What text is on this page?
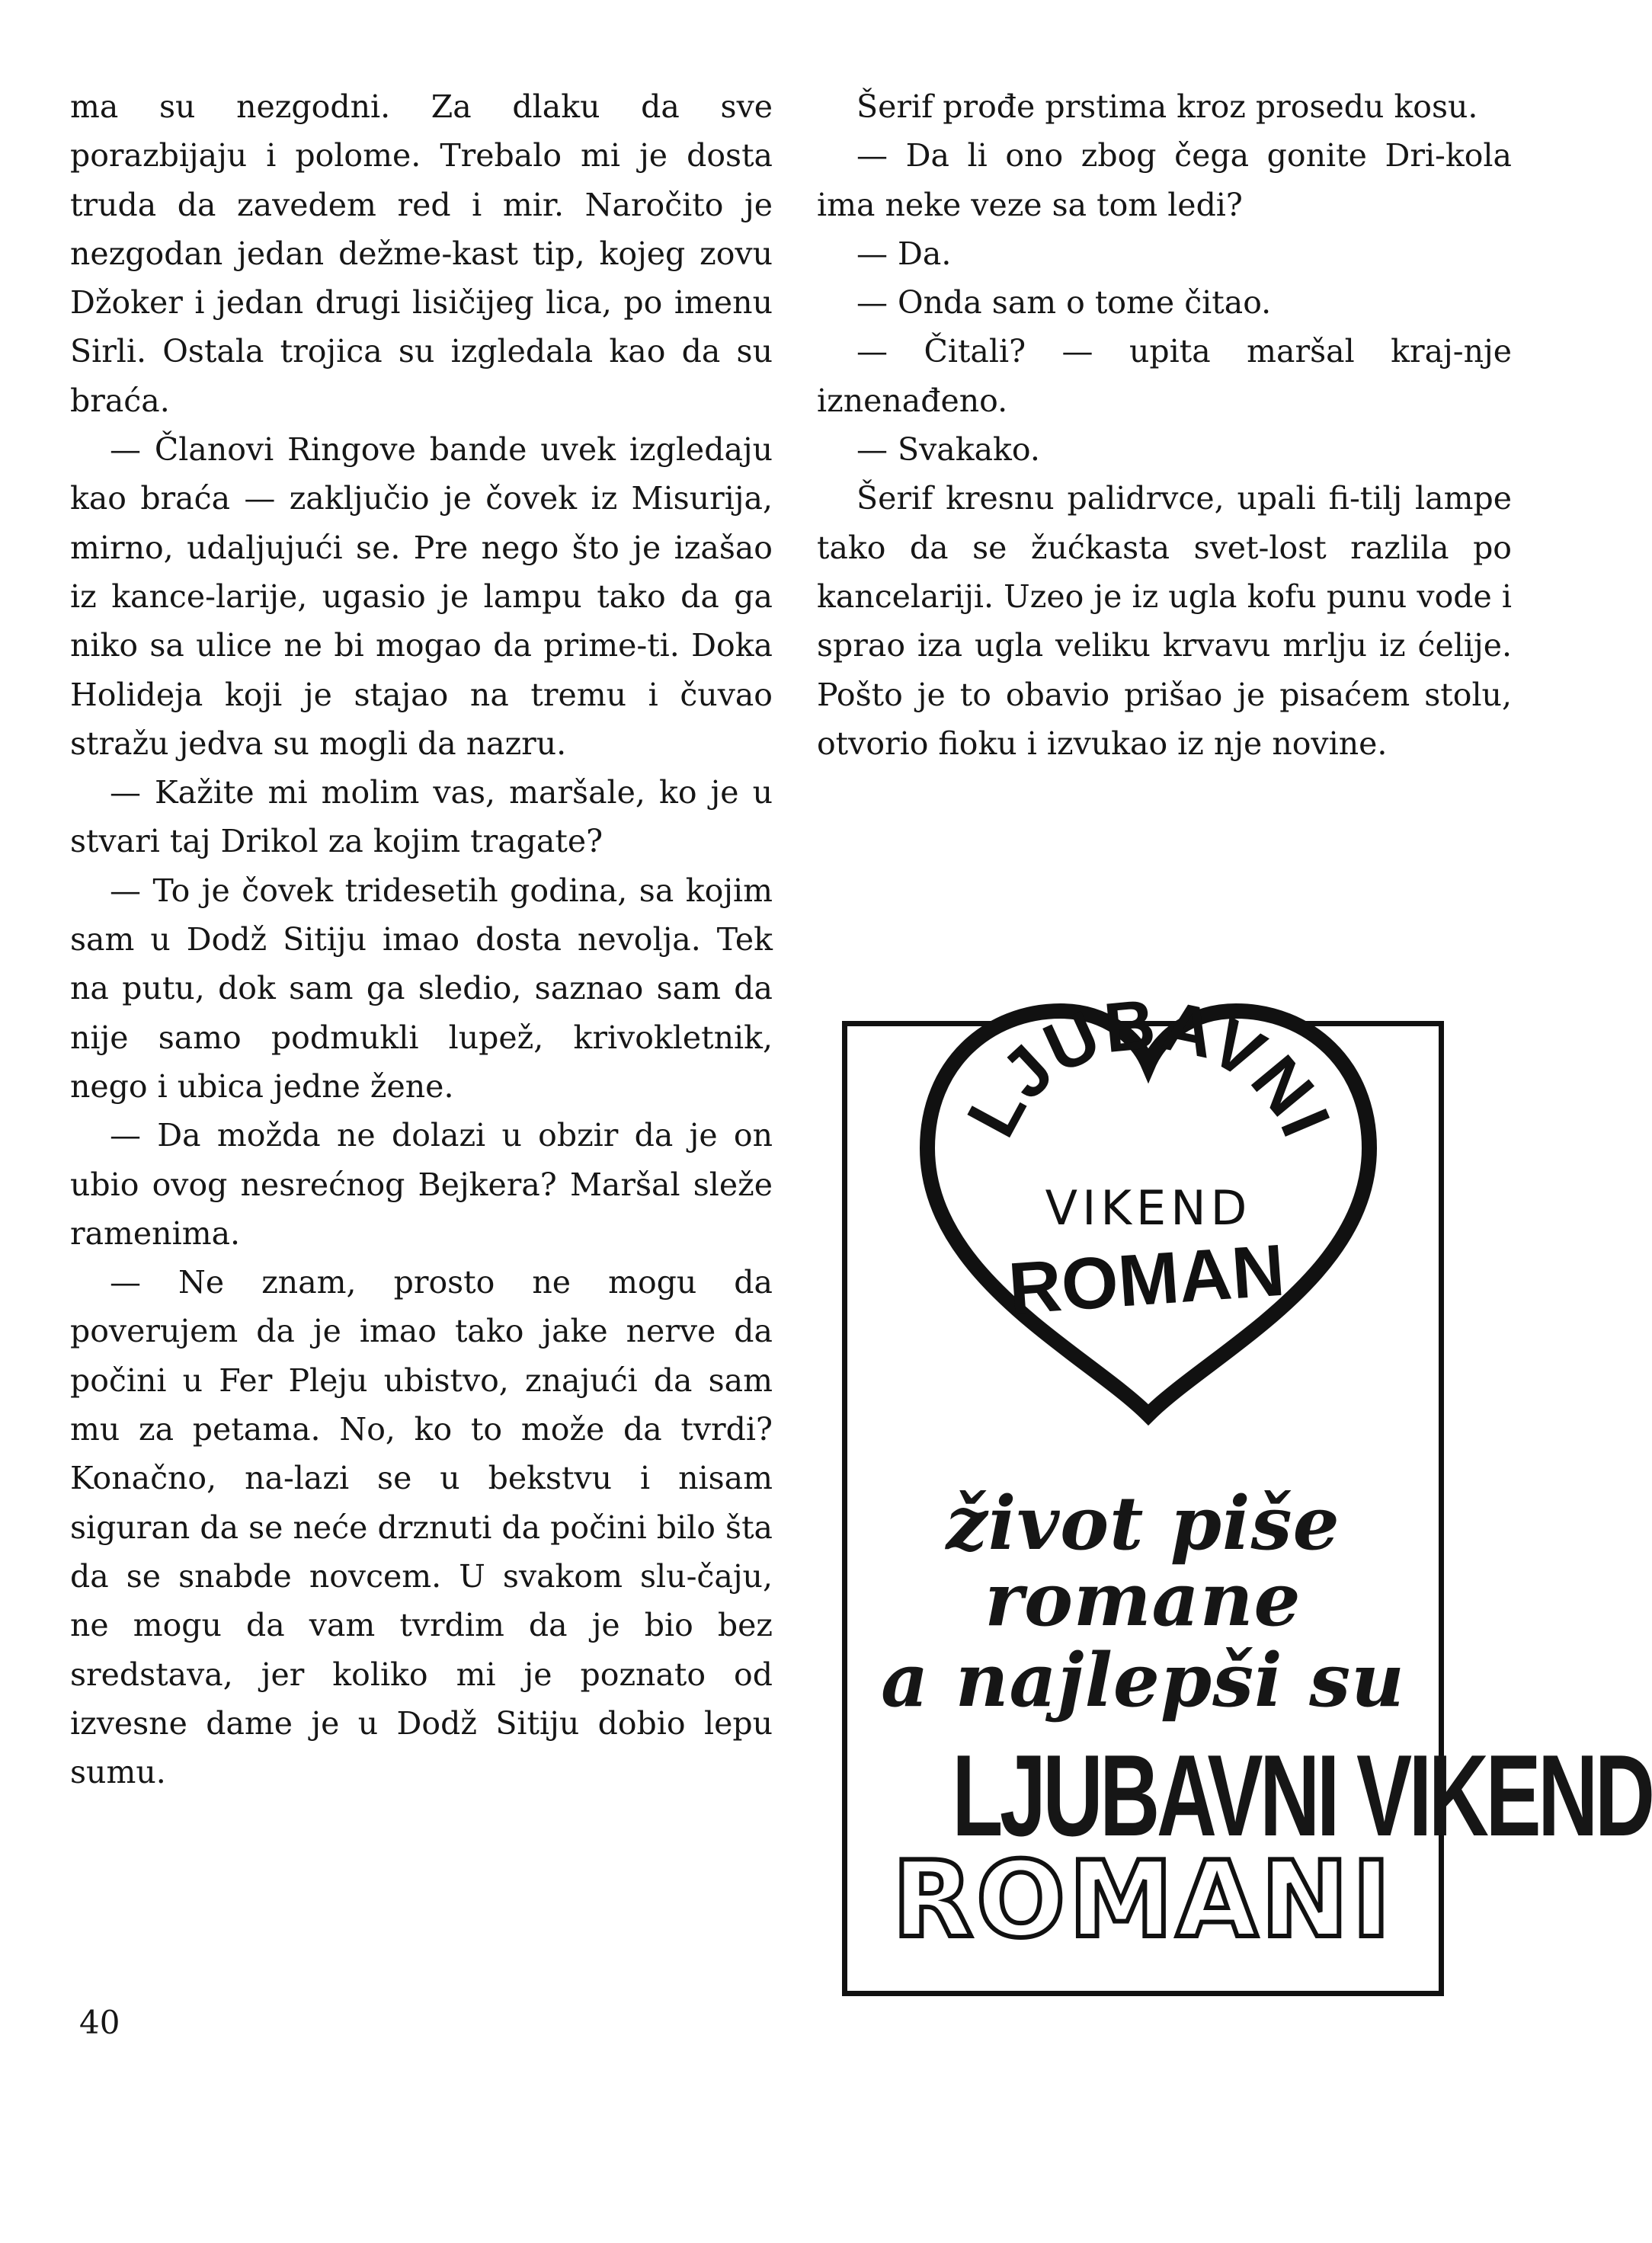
ma su nezgodni. Za dlaku da sve porazbijaju i polome. Trebalo mi je dosta truda da zavedem red i mir. Naročito je nezgodan jedan dežme-kast tip, kojeg zovu Džoker i jedan drugi lisičijeg lica, po imenu Sirli. Ostala trojica su izgledala kao da su braća.

— Članovi Ringove bande uvek izgledaju kao braća — zaključio je čovek iz Misurija, mirno, udaljujući se. Pre nego što je izašao iz kance-larije, ugasio je lampu tako da ga niko sa ulice ne bi mogao da prime-ti. Doka Holideja koji je stajao na tremu i čuvao stražu jedva su mogli da nazru.

— Kažite mi molim vas, maršale, ko je u stvari taj Drikol za kojim tragate?

— To je čovek tridesetih godina, sa kojim sam u Dodž Sitiju imao dosta nevolja. Tek na putu, dok sam ga sledio, saznao sam da nije samo podmukli lupež, krivokletnik, nego i ubica jedne žene.

— Da možda ne dolazi u obzir da je on ubio ovog nesrećnog Bejkera? Maršal sleže ramenima.

— Ne znam, prosto ne mogu da poverujem da je imao tako jake nerve da počini u Fer Pleju ubistvo, znajući da sam mu za petama. No, ko to može da tvrdi? Konačno, na-lazi se u bekstvu i nisam siguran da se neće drznuti da počini bilo šta da se snabde novcem. U svakom slu-čaju, ne mogu da vam tvrdim da je bio bez sredstava, jer koliko mi je poznato od izvesne dame je u Dodž Sitiju dobio lepu sumu.

Šerif prođe prstima kroz prosedu kosu.

— Da li ono zbog čega gonite Dri-kola ima neke veze sa tom ledi?

— Da.

— Onda sam o tome čitao.

— Čitali? — upita maršal kraj-nje iznenađeno.

— Svakako.

Šerif kresnu palidrvce, upali fi-tilj lampe tako da se žućkasta svet-lost razlila po kancelariji. Uzeo je iz ugla kofu punu vode i sprao iza ugla veliku krvavu mrlju iz ćelije. Pošto je to obavio prišao je pisaćem stolu, otvorio fioku i izvukao iz nje novine.

LJUBAVNI
VIKEND
ROMAN
život piše
romane
a najlepši su
LJUBAVNI VIKEND
ROMANI
40
